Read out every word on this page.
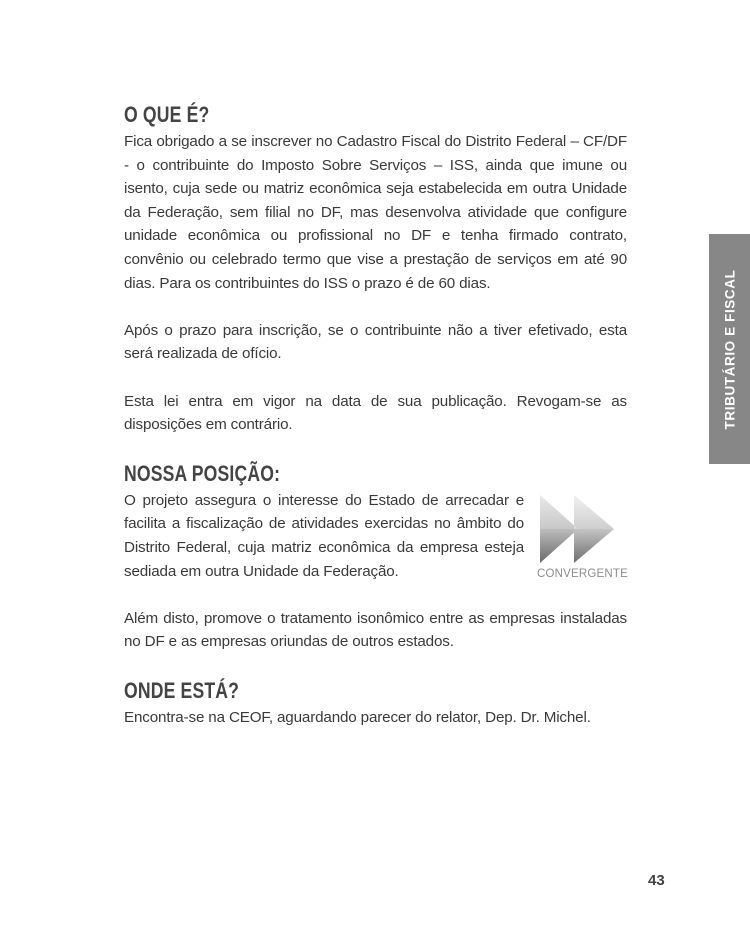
O QUE É?

Fica obrigado a se inscrever no Cadastro Fiscal do Distrito Federal – CF/DF - o contribuinte do Imposto Sobre Serviços – ISS, ainda que imune ou isento, cuja sede ou matriz econômica seja estabelecida em outra Unidade da Federação, sem filial no DF, mas desenvolva atividade que configure unidade econômica ou profissional no DF e tenha firmado contrato, convênio ou celebrado termo que vise a prestação de serviços em até 90 dias. Para os contribuintes do ISS o prazo é de 60 dias.

Após o prazo para inscrição, se o contribuinte não a tiver efetivado, esta será realizada de ofício.

Esta lei entra em vigor na data de sua publicação. Revogam-se as disposições em contrário.

NOSSA POSIÇÃO:

O projeto assegura o interesse do Estado de arrecadar e facilita a fiscalização de atividades exercidas no âmbito do Distrito Federal, cuja matriz econômica da empresa esteja sediada em outra Unidade da Federação.	CONVERGENTE

Além disto, promove o tratamento isonômico entre as empresas instaladas no DF e as empresas oriundas de outros estados.

ONDE ESTÁ?

Encontra-se na CEOF, aguardando parecer do relator, Dep. Dr. Michel.

TRIBUTÁRIO E FISCAL
43
